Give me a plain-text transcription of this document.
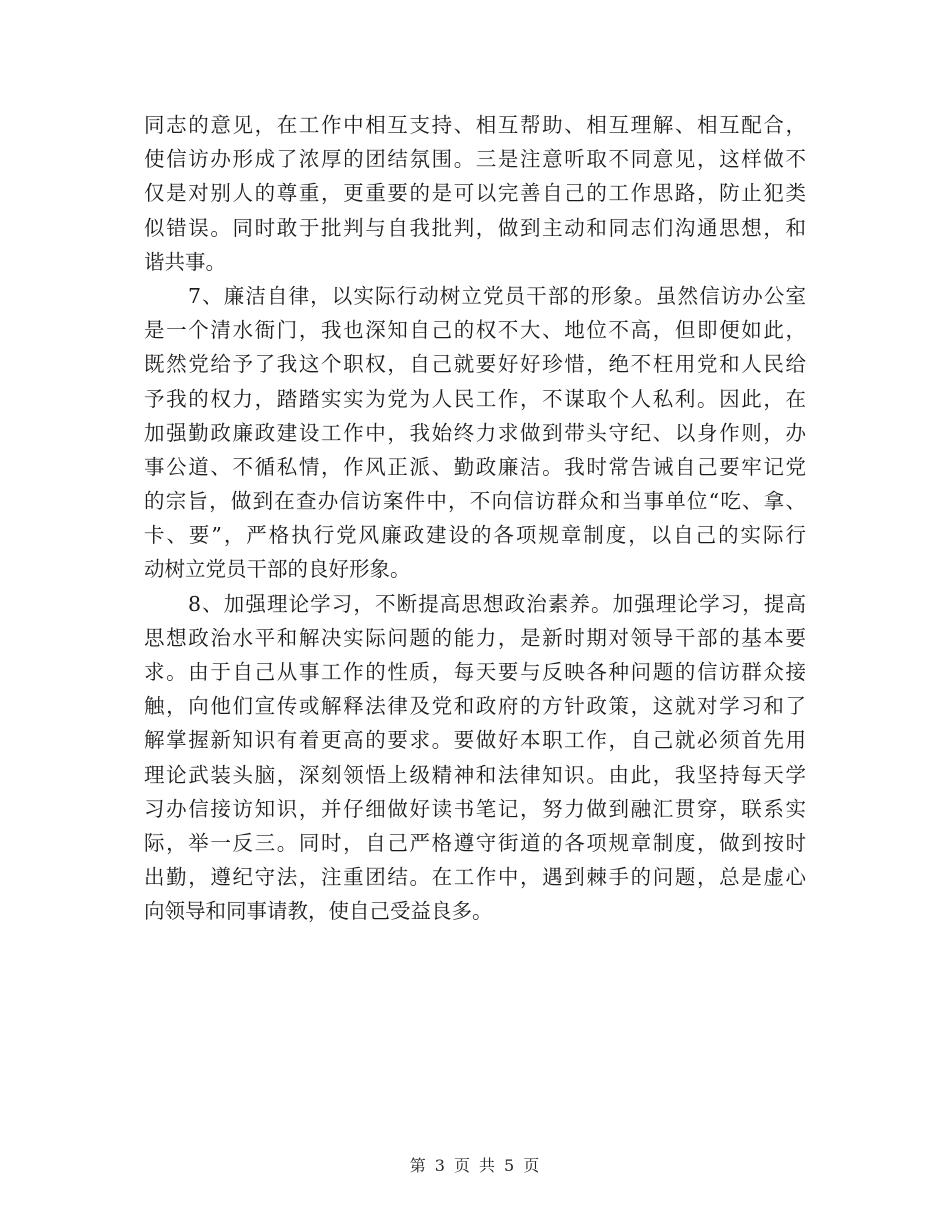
同志的意见，在工作中相互支持、相互帮助、相互理解、相互配合，
使信访办形成了浓厚的团结氛围。三是注意听取不同意见，这样做不
仅是对别人的尊重，更重要的是可以完善自己的工作思路，防止犯类
似错误。同时敢于批判与自我批判，做到主动和同志们沟通思想，和
谐共事。
7、廉洁自律，以实际行动树立党员干部的形象。虽然信访办公室
是一个清水衙门，我也深知自己的权不大、地位不高，但即便如此，
既然党给予了我这个职权，自己就要好好珍惜，绝不枉用党和人民给
予我的权力，踏踏实实为党为人民工作，不谋取个人私利。因此，在
加强勤政廉政建设工作中，我始终力求做到带头守纪、以身作则，办
事公道、不循私情，作风正派、勤政廉洁。我时常告诫自己要牢记党
的宗旨，做到在查办信访案件中，不向信访群众和当事单位“吃、拿、
卡、要”，严格执行党风廉政建设的各项规章制度，以自己的实际行
动树立党员干部的良好形象。
8、加强理论学习，不断提高思想政治素养。加强理论学习，提高
思想政治水平和解决实际问题的能力，是新时期对领导干部的基本要
求。由于自己从事工作的性质，每天要与反映各种问题的信访群众接
触，向他们宣传或解释法律及党和政府的方针政策，这就对学习和了
解掌握新知识有着更高的要求。要做好本职工作，自己就必须首先用
理论武装头脑，深刻领悟上级精神和法律知识。由此，我坚持每天学
习办信接访知识，并仔细做好读书笔记，努力做到融汇贯穿，联系实
际，举一反三。同时，自己严格遵守街道的各项规章制度，做到按时
出勤，遵纪守法，注重团结。在工作中，遇到棘手的问题，总是虚心
向领导和同事请教，使自己受益良多。
第 3 页 共 5 页
